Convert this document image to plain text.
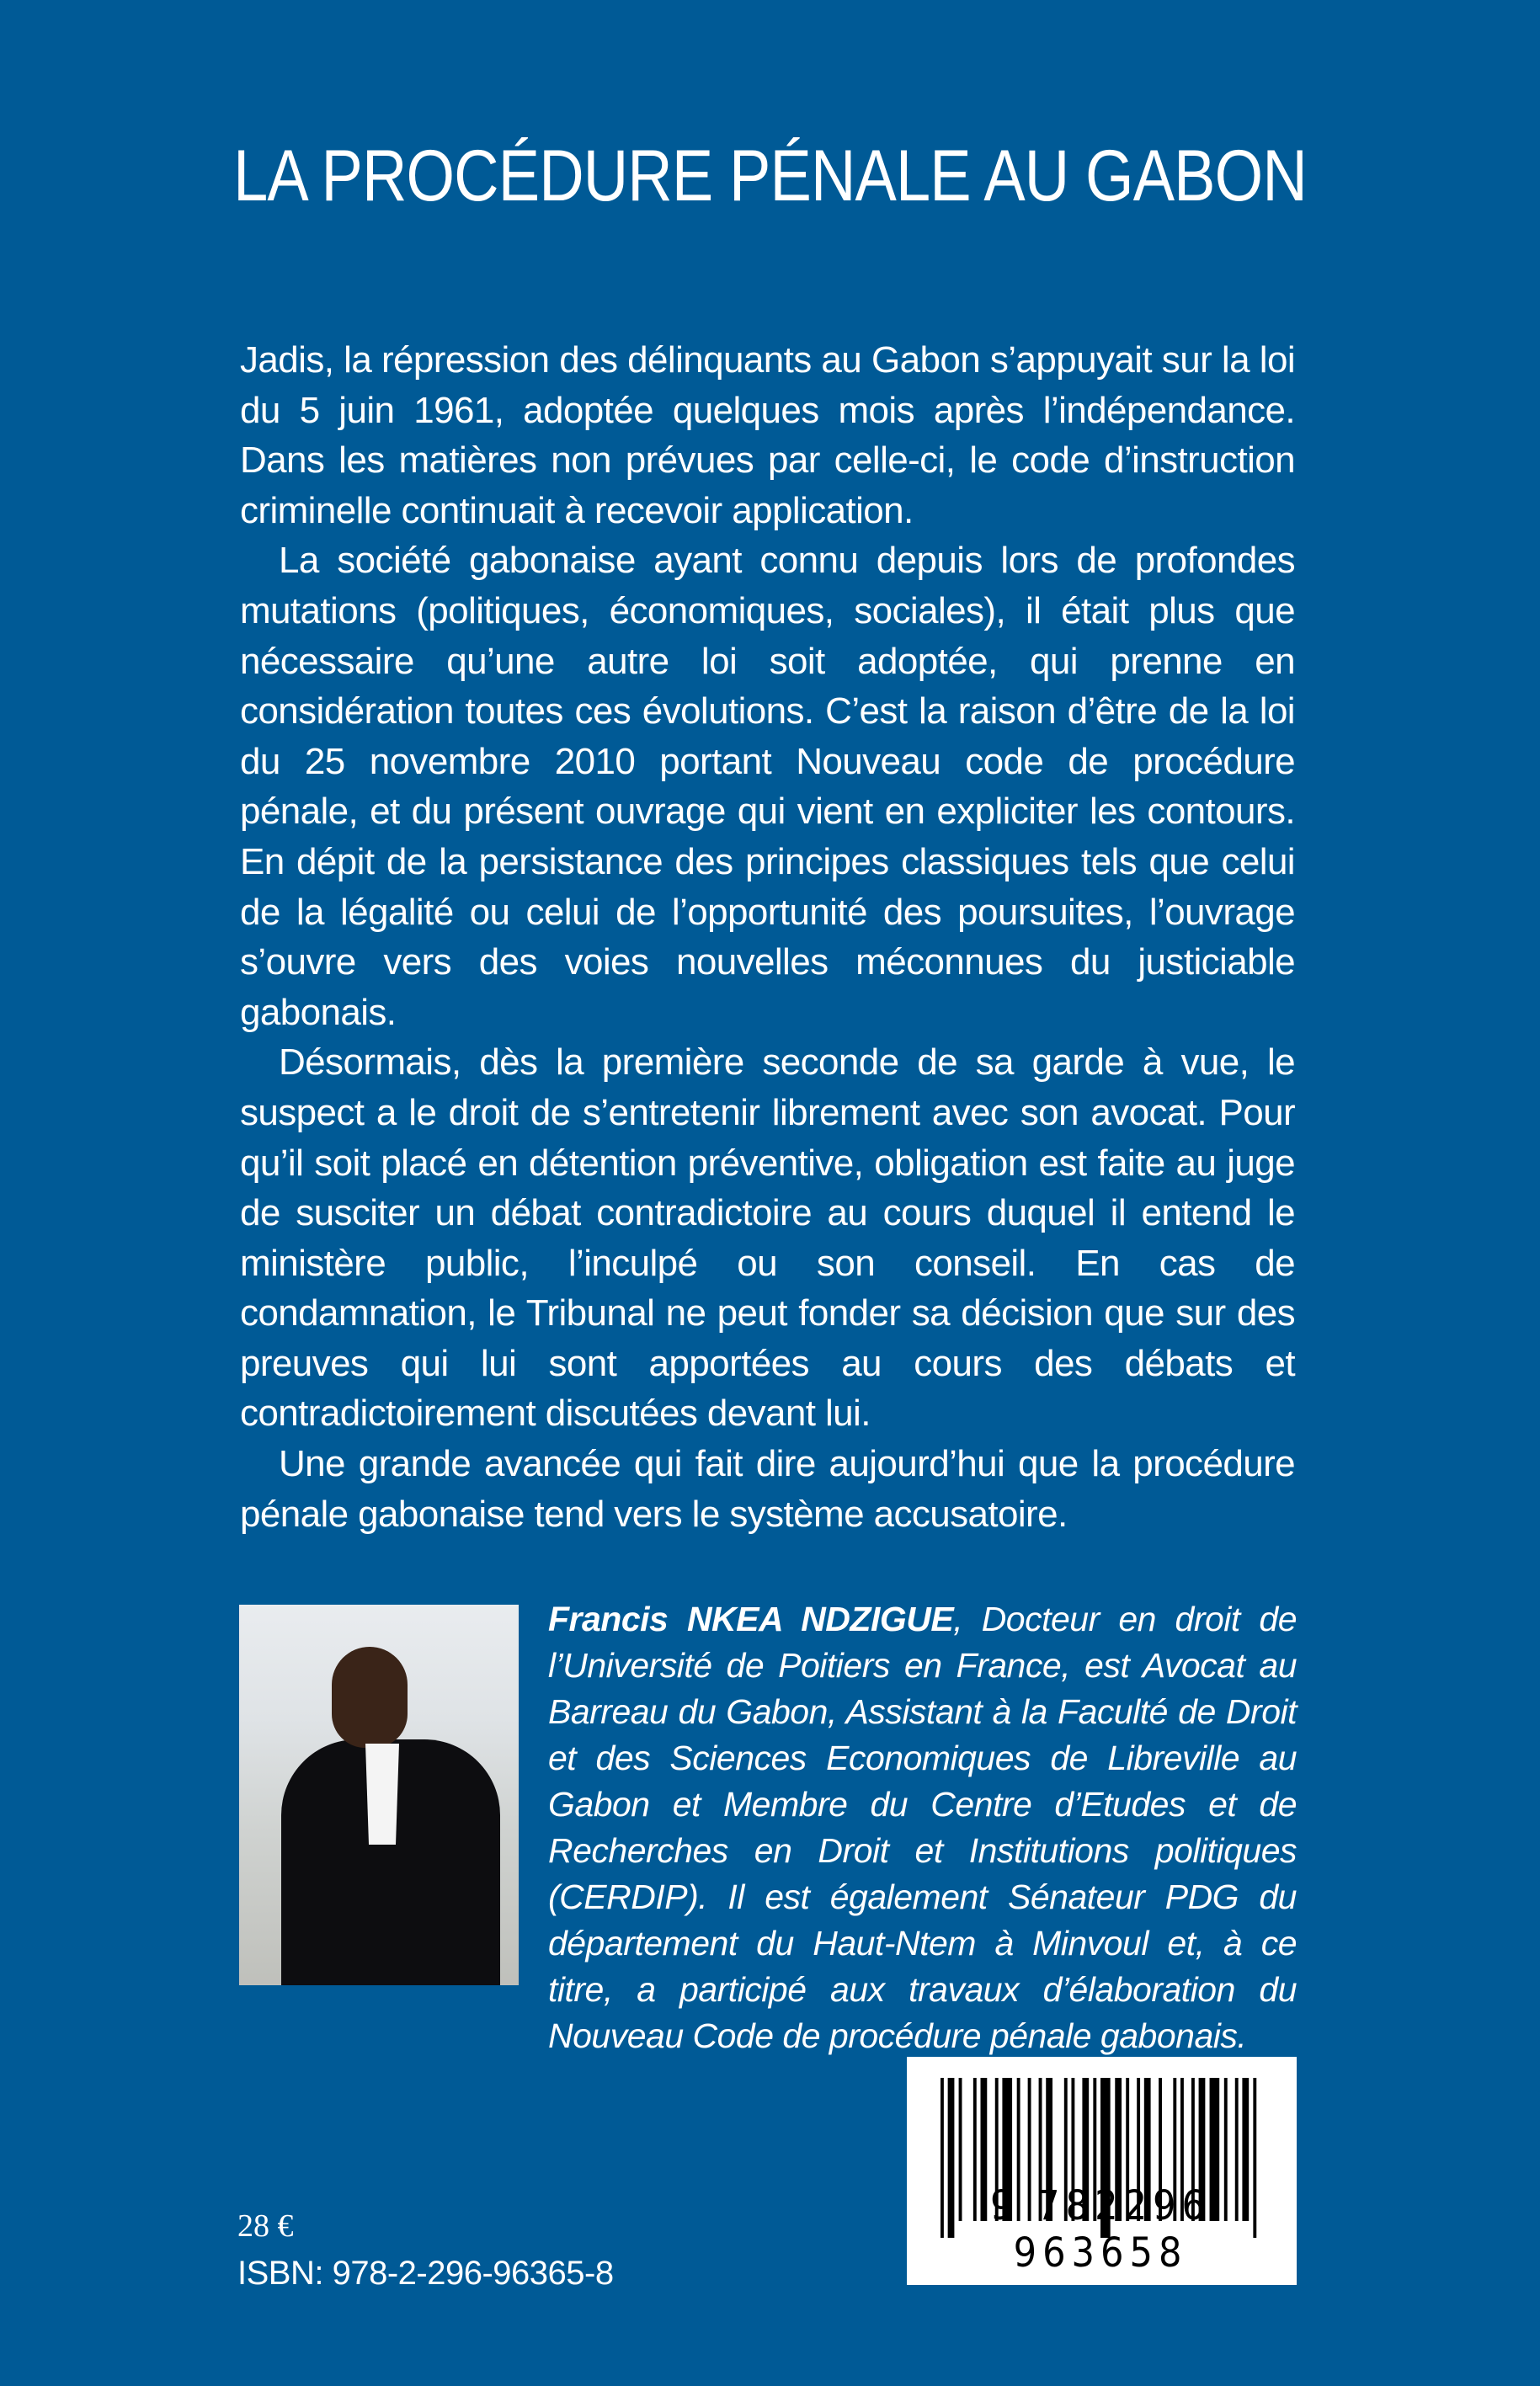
LA PROCÉDURE PÉNALE AU GABON

Jadis, la répression des délinquants au Gabon s’appuyait sur la loi du 5 juin 1961, adoptée quelques mois après l’indépendance. Dans les matières non prévues par celle-ci, le code d’instruction criminelle continuait à recevoir application.

La société gabonaise ayant connu depuis lors de profondes mutations (politiques, économiques, sociales), il était plus que nécessaire qu’une autre loi soit adoptée, qui prenne en considération toutes ces évolutions. C’est la raison d’être de la loi du 25 novembre 2010 portant Nouveau code de procédure pénale, et du présent ouvrage qui vient en expliciter les contours. En dépit de la persistance des principes classiques tels que celui de la légalité ou celui de l’opportunité des poursuites, l’ouvrage s’ouvre vers des voies nouvelles méconnues du justiciable gabonais.

Désormais, dès la première seconde de sa garde à vue, le suspect a le droit de s’entretenir librement avec son avocat. Pour qu’il soit placé en détention préventive, obligation est faite au juge de susciter un débat contradictoire au cours duquel il entend le ministère public, l’inculpé ou son conseil. En cas de condamnation, le Tribunal ne peut fonder sa décision que sur des preuves qui lui sont apportées au cours des débats et contradictoirement discutées devant lui.

Une grande avancée qui fait dire aujourd’hui que la procédure pénale gabonaise tend vers le système accusatoire.

Francis NKEA NDZIGUE, Docteur en droit de l’Université de Poitiers en France, est Avocat au Barreau du Gabon, Assistant à la Faculté de Droit et des Sciences Economiques de Libreville au Gabon et Membre du Centre d’Etudes et de Recherches en Droit et Institutions politiques (CERDIP). Il est également Sénateur PDG du département du Haut-Ntem à Minvoul et, à ce titre, a participé aux travaux d’élaboration du Nouveau Code de procédure pénale gabonais.
9 782296 963658
28 €
ISBN: 978-2-296-96365-8
